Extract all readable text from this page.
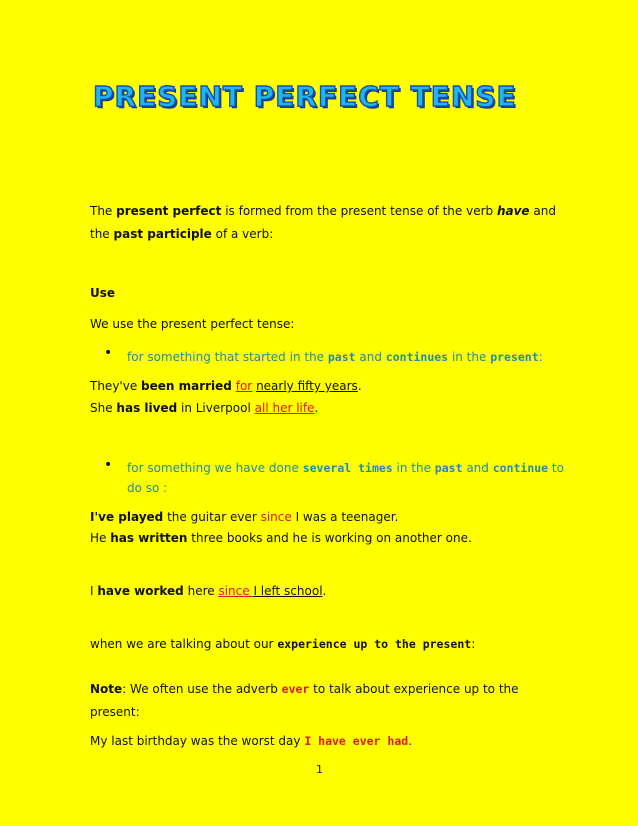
PRESENT PERFECT TENSE
The present perfect is formed from the present tense of the verb have and
the past participle of a verb:
Use
We use the present perfect tense:
• for something that started in the past and continues in the present:
They've been married for nearly fifty years.
She has lived in Liverpool all her life.
• for something we have done several times in the past and continue to
do so :
I've played the guitar ever since I was a teenager.
He has written three books and he is working on another one.
I have worked here since I left school.
when we are talking about our experience up to the present:
Note: We often use the adverb ever to talk about experience up to the
present:
My last birthday was the worst day I have ever had.
1
